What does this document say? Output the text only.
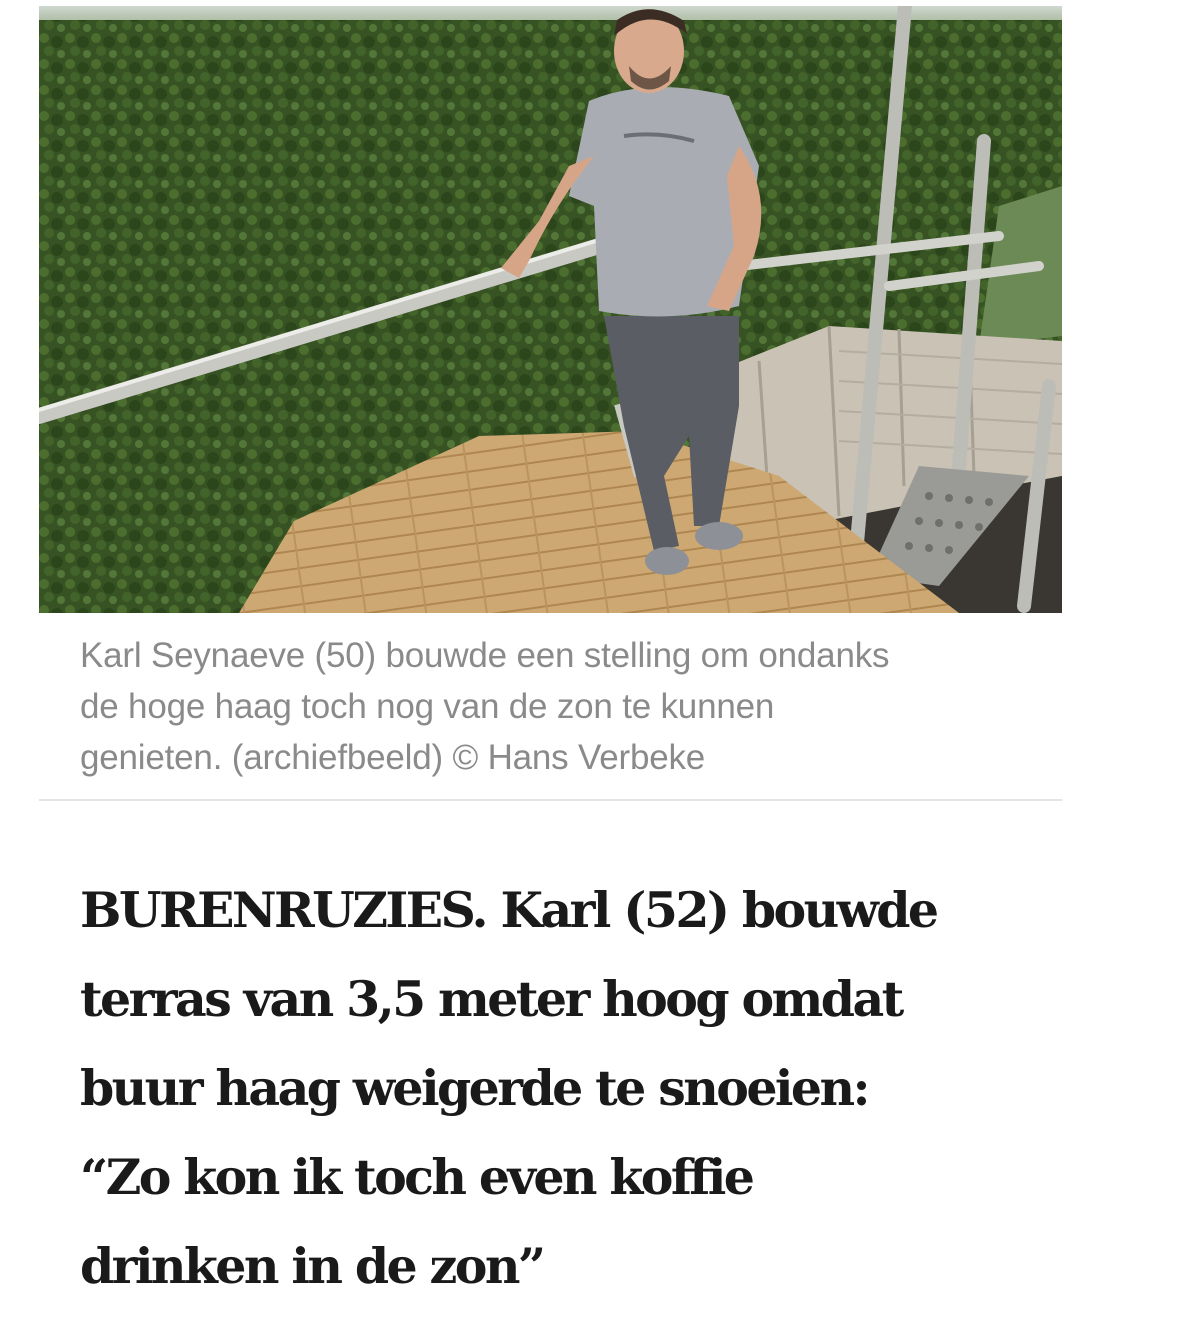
Karl Seynaeve (50) bouwde een stelling om ondanks
de hoge haag toch nog van de zon te kunnen
genieten. (archiefbeeld) © Hans Verbeke
BURENRUZIES. Karl (52) bouwde
terras van 3,5 meter hoog omdat
buur haag weigerde te snoeien:
“Zo kon ik toch even koffie
drinken in de zon”
